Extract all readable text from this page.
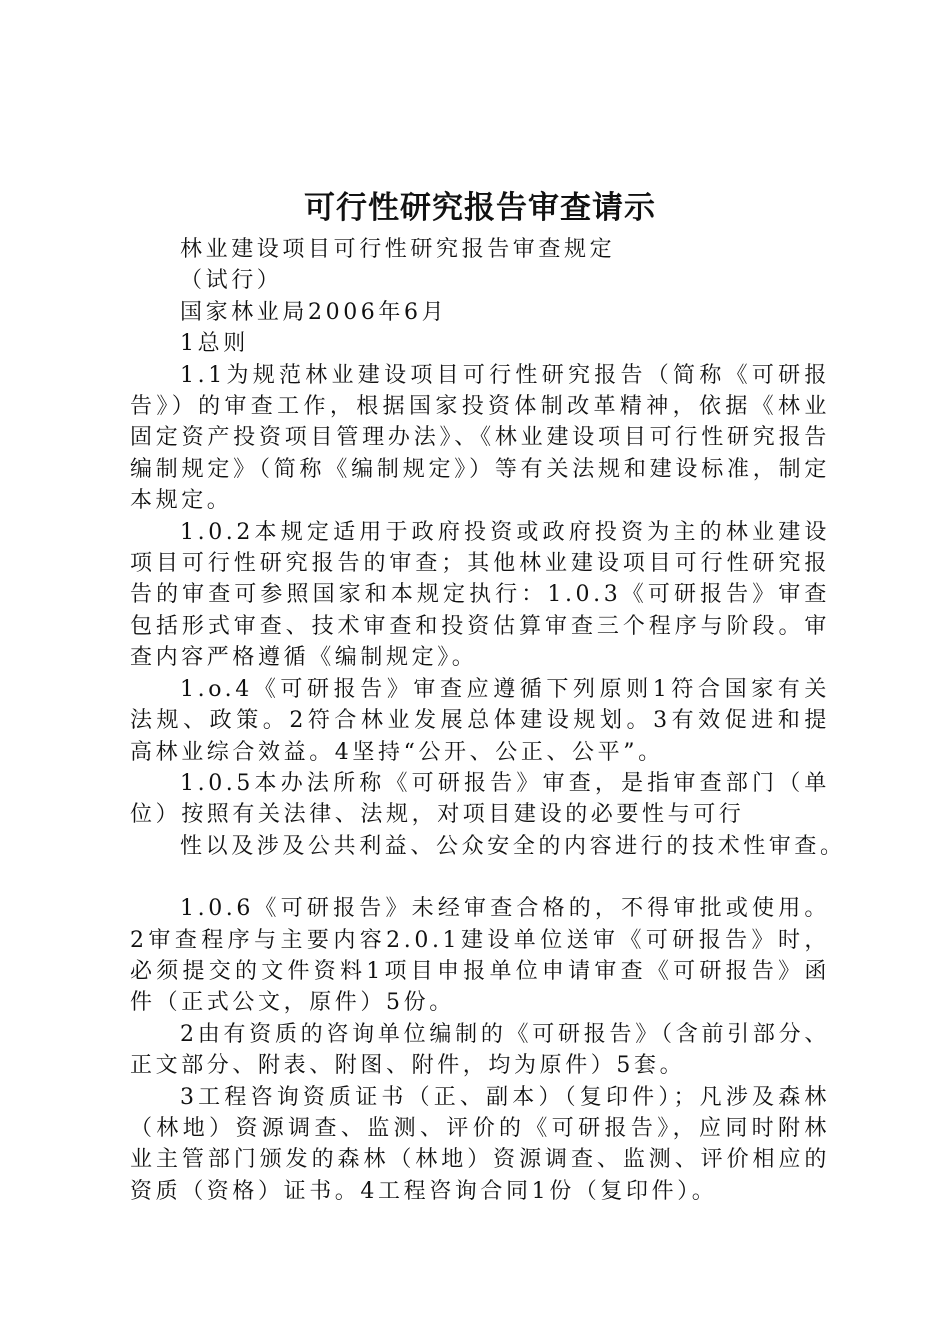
可行性研究报告审查请示

林业建设项目可行性研究报告审查规定

（试行）

国家林业局2006年6月

1总则

1.1为规范林业建设项目可行性研究报告（简称《可研报告》）的审查工作，根据国家投资体制改革精神，依据《林业固定资产投资项目管理办法》、《林业建设项目可行性研究报告编制规定》（简称《编制规定》）等有关法规和建设标准，制定本规定。

1.0.2本规定适用于政府投资或政府投资为主的林业建设项目可行性研究报告的审查；其他林业建设项目可行性研究报告的审查可参照国家和本规定执行：1.0.3《可研报告》审查包括形式审查、技术审查和投资估算审查三个程序与阶段。审查内容严格遵循《编制规定》。

1.o.4《可研报告》审查应遵循下列原则1符合国家有关法规、政策。2符合林业发展总体建设规划。3有效促进和提高林业综合效益。4坚持“公开、公正、公平”。

1.0.5本办法所称《可研报告》审查，是指审查部门（单位）按照有关法律、法规，对项目建设的必要性与可行

性以及涉及公共利益、公众安全的内容进行的技术性审查。

1.0.6《可研报告》未经审查合格的，不得审批或使用。2审查程序与主要内容2.0.1建设单位送审《可研报告》时，必须提交的文件资料1项目申报单位申请审查《可研报告》函件（正式公文，原件）5份。

2由有资质的咨询单位编制的《可研报告》（含前引部分、正文部分、附表、附图、附件，均为原件）5套。

3工程咨询资质证书（正、副本）（复印件）；凡涉及森林（林地）资源调查、监测、评价的《可研报告》，应同时附林业主管部门颁发的森林（林地）资源调查、监测、评价相应的资质（资格）证书。4工程咨询合同1份（复印件）。
